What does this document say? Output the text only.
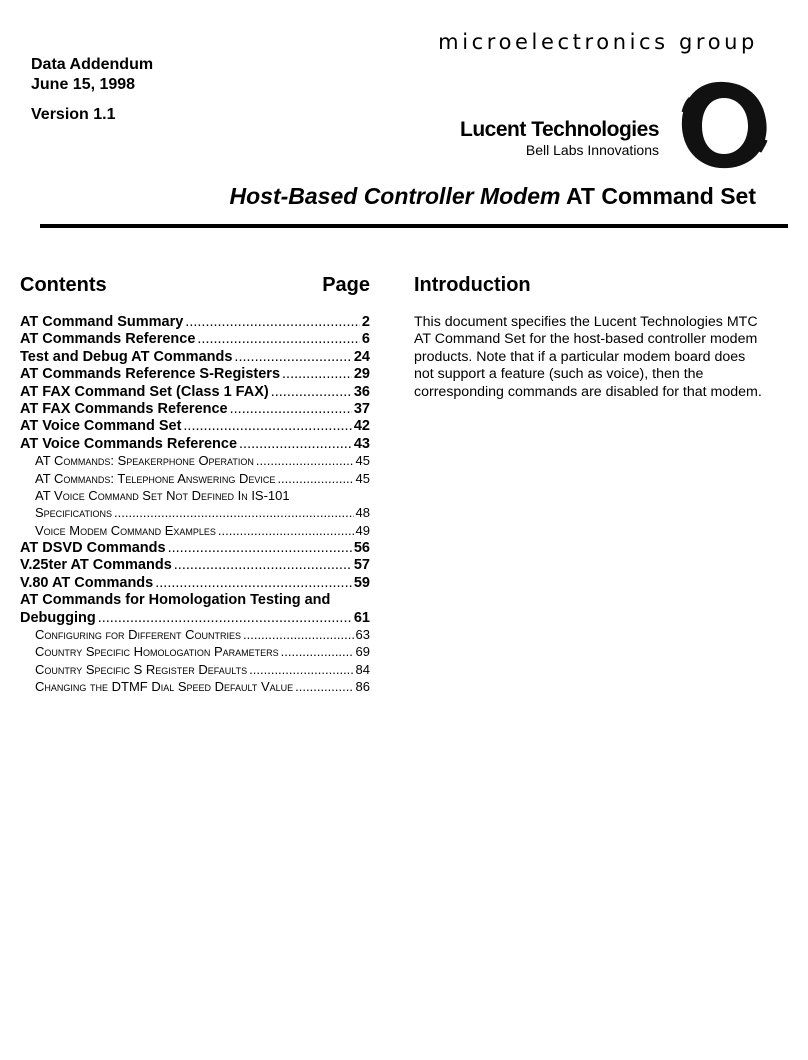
Data Addendum
June 15, 1998
Version 1.1
microelectronics group
Lucent Technologies
Bell Labs Innovations
Host-Based Controller Modem AT Command Set
Contents	Page
AT Command Summary .....	2
AT Commands Reference .....	6
Test and Debug AT Commands .....	24
AT Commands Reference S-Registers .....	29
AT FAX Command Set (Class 1 FAX) .....	36
AT FAX Commands Reference .....	37
AT Voice Command Set .....	42
AT Voice Commands Reference .....	43
AT Commands: Speakerphone Operation .....	45
AT Commands: Telephone Answering Device .....	45
AT Voice Command Set Not Defined In IS-101
Specifications .....	48
Voice Modem Command Examples .....	49
AT DSVD Commands .....	56
V.25ter AT Commands .....	57
V.80 AT Commands .....	59
AT Commands for Homologation Testing and
Debugging .....	61
Configuring for Different Countries .....	63
Country Specific Homologation Parameters .....	69
Country Specific S Register Defaults .....	84
Changing the DTMF Dial Speed Default Value .....	86
Introduction

This document specifies the Lucent Technologies MTC AT Command Set for the host-based controller modem products. Note that if a particular modem board does not support a feature (such as voice), then the corresponding commands are disabled for that modem.
